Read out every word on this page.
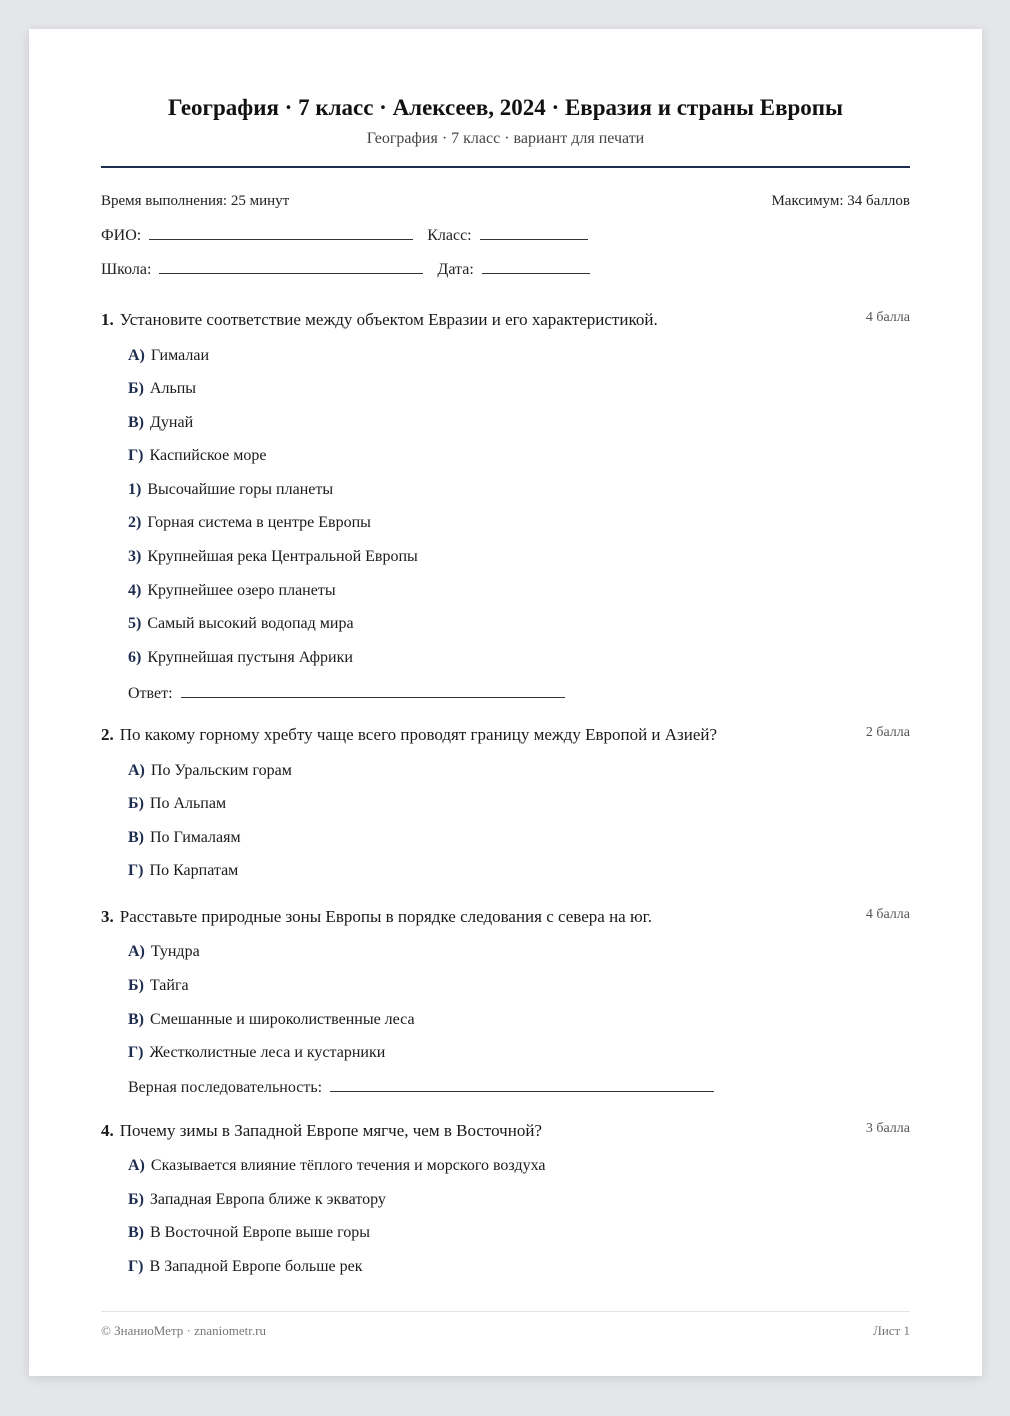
География · 7 класс · Алексеев, 2024 · Евразия и страны Европы
География · 7 класс · вариант для печати
Время выполнения: 25 минут	Максимум: 34 баллов
ФИО:	Класс:
Школа:	Дата:
1. Установите соответствие между объектом Евразии и его характеристикой.	4 балла
А) Гималаи
Б) Альпы
В) Дунай
Г) Каспийское море
1) Высочайшие горы планеты
2) Горная система в центре Европы
3) Крупнейшая река Центральной Европы
4) Крупнейшее озеро планеты
5) Самый высокий водопад мира
6) Крупнейшая пустыня Африки
Ответ:
2. По какому горному хребту чаще всего проводят границу между Европой и Азией?	2 балла
А) По Уральским горам
Б) По Альпам
В) По Гималаям
Г) По Карпатам
3. Расставьте природные зоны Европы в порядке следования с севера на юг.	4 балла
А) Тундра
Б) Тайга
В) Смешанные и широколиственные леса
Г) Жестколистные леса и кустарники
Верная последовательность:
4. Почему зимы в Западной Европе мягче, чем в Восточной?	3 балла
А) Сказывается влияние тёплого течения и морского воздуха
Б) Западная Европа ближе к экватору
В) В Восточной Европе выше горы
Г) В Западной Европе больше рек
© ЗнаниоМетр · znaniometr.ru	Лист 1
